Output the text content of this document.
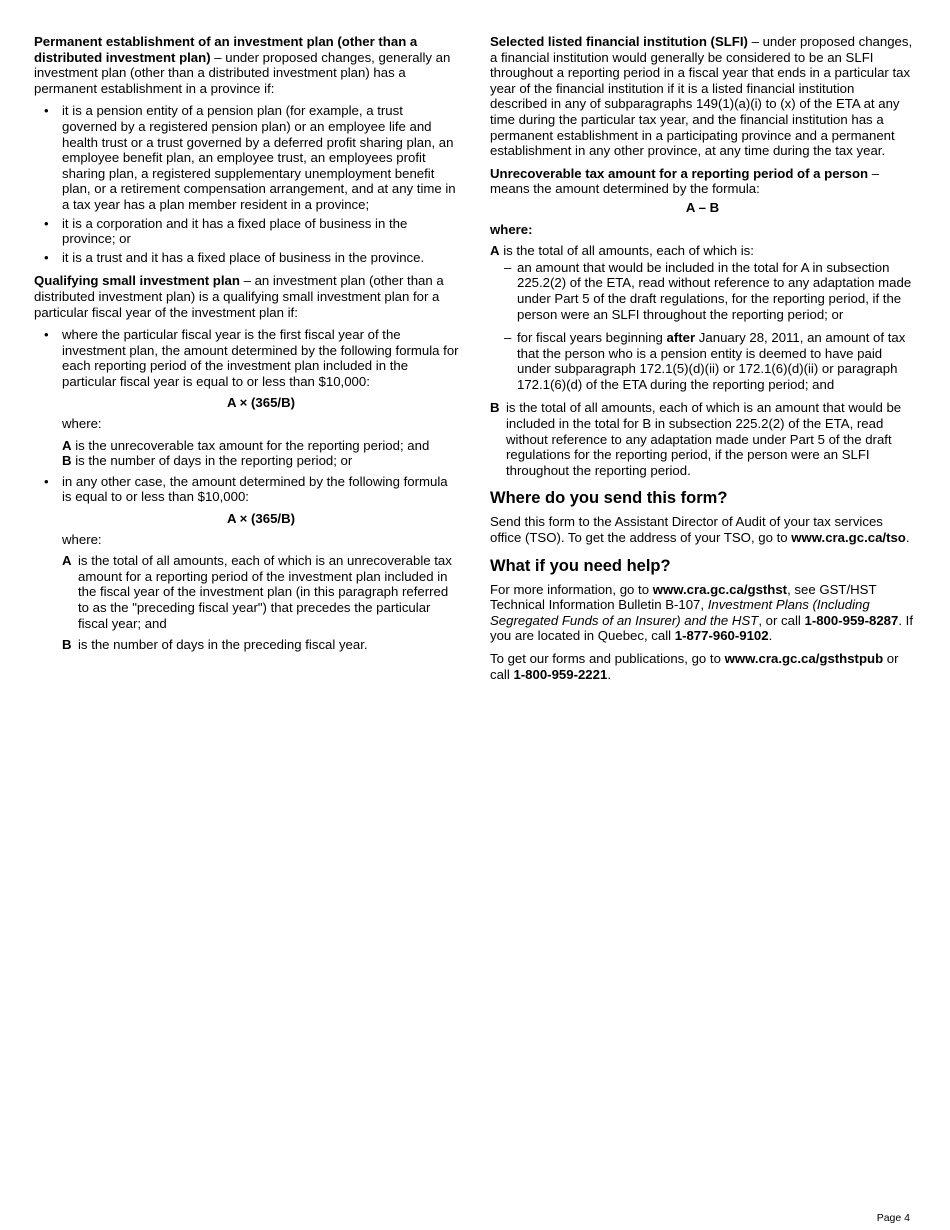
Permanent establishment of an investment plan (other than a distributed investment plan) – under proposed changes, generally an investment plan (other than a distributed investment plan) has a permanent establishment in a province if:

• it is a pension entity of a pension plan (for example, a trust governed by a registered pension plan) or an employee life and health trust or a trust governed by a deferred profit sharing plan, an employee benefit plan, an employee trust, an employees profit sharing plan, a registered supplementary unemployment benefit plan, or a retirement compensation arrangement, and at any time in a tax year has a plan member resident in a province;
• it is a corporation and it has a fixed place of business in the province; or
• it is a trust and it has a fixed place of business in the province.

Qualifying small investment plan – an investment plan (other than a distributed investment plan) is a qualifying small investment plan for a particular fiscal year of the investment plan if:

• where the particular fiscal year is the first fiscal year of the investment plan, the amount determined by the following formula for each reporting period of the investment plan included in the particular fiscal year is equal to or less than $10,000:
A × (365/B)
where:
A is the unrecoverable tax amount for the reporting period; and
B is the number of days in the reporting period; or
• in any other case, the amount determined by the following formula is equal to or less than $10,000:
A × (365/B)
where:
A is the total of all amounts, each of which is an unrecoverable tax amount for a reporting period of the investment plan included in the fiscal year of the investment plan (in this paragraph referred to as the "preceding fiscal year") that precedes the particular fiscal year; and
B is the number of days in the preceding fiscal year.

Selected listed financial institution (SLFI) – under proposed changes, a financial institution would generally be considered to be an SLFI throughout a reporting period in a fiscal year that ends in a particular tax year of the financial institution if it is a listed financial institution described in any of subparagraphs 149(1)(a)(i) to (x) of the ETA at any time during the particular tax year, and the financial institution has a permanent establishment in a participating province and a permanent establishment in any other province, at any time during the tax year.

Unrecoverable tax amount for a reporting period of a person – means the amount determined by the formula:

A – B
where:
A is the total of all amounts, each of which is:
– an amount that would be included in the total for A in subsection 225.2(2) of the ETA, read without reference to any adaptation made under Part 5 of the draft regulations, for the reporting period, if the person were an SLFI throughout the reporting period; or
– for fiscal years beginning after January 28, 2011, an amount of tax that the person who is a pension entity is deemed to have paid under subparagraph 172.1(5)(d)(ii) or 172.1(6)(d)(ii) or paragraph 172.1(6)(d) of the ETA during the reporting period; and
B is the total of all amounts, each of which is an amount that would be included in the total for B in subsection 225.2(2) of the ETA, read without reference to any adaptation made under Part 5 of the draft regulations for the reporting period, if the person were an SLFI throughout the reporting period.
Where do you send this form?

Send this form to the Assistant Director of Audit of your tax services office (TSO). To get the address of your TSO, go to www.cra.gc.ca/tso.

What if you need help?

For more information, go to www.cra.gc.ca/gsthst, see GST/HST Technical Information Bulletin B-107, Investment Plans (Including Segregated Funds of an Insurer) and the HST, or call 1-800-959-8287. If you are located in Quebec, call 1-877-960-9102.

To get our forms and publications, go to www.cra.gc.ca/gsthstpub or call 1-800-959-2221.

Page 4
